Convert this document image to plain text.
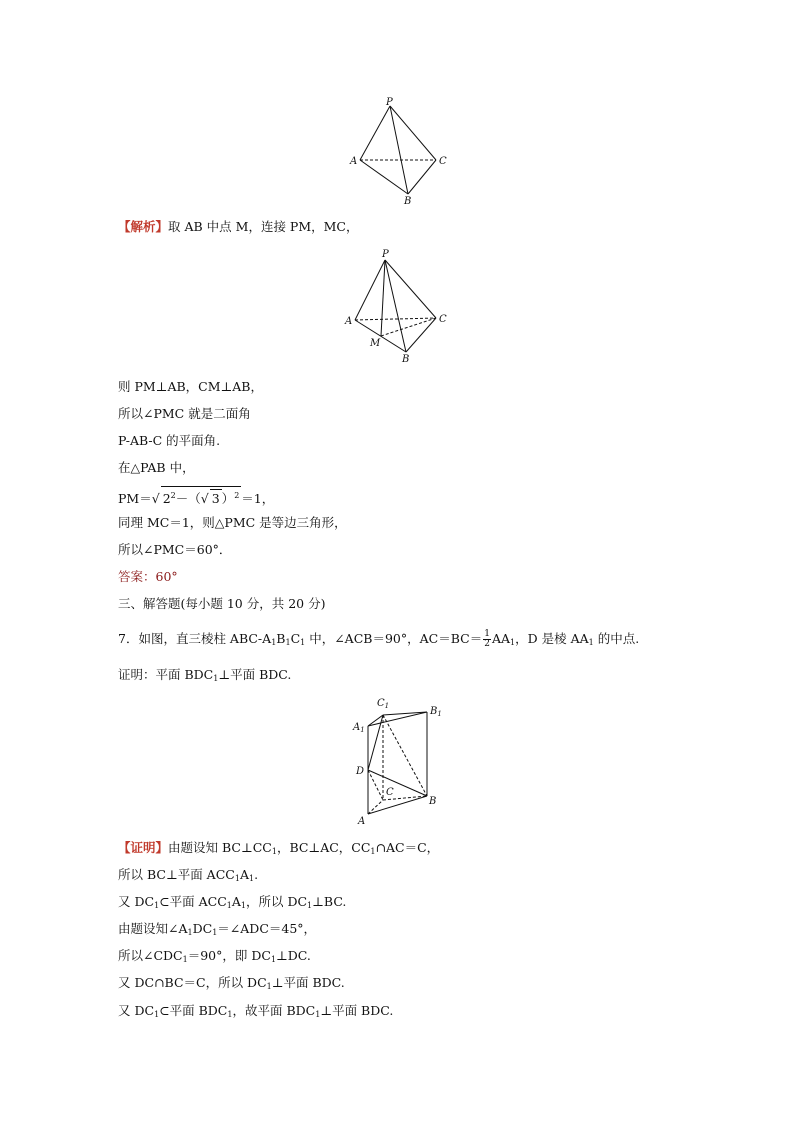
P
A	C
B
【解析】取 AB 中点 M，连接 PM，MC，
P
A	C
M
B
则 PM⊥AB，CM⊥AB，
所以∠PMC 就是二面角
P-AB-C 的平面角.
在△PAB 中，
PM＝√ $2^2-(√$ 3 ）$^2$ ＝1，
同理 MC＝1，则△PMC 是等边三角形，
所以∠PMC＝60°．
答案：60°
三、解答题(每小题 10 分，共 20 分)
7．如图，直三棱柱 ABC-$A_1B_1C_1$ 中，∠ACB＝90°，$AC=BC= \frac{1}{2} AA_1$，D 是棱 $AA_1$ 的中点.
证明：平面 $BDC_1\perp$平面 BDC.
$C_1$	$B_1$
$A_1$
D
C
B
A
【证明】由题设知 $BC\perp CC_1$，BC⊥AC，$CC_1\cap AC=C$，
所以 BC⊥平面 $ACC_1A_1$.
又 $DC_1\subset$平面 $ACC_1A_1$，所以 $DC_1\perp BC$.
由题设知$\angle A_1DC_1=\angle ADC=45^\circ$，
所以$\angle CDC_1=90^\circ$，即 $DC_1\perp DC$.
又 DC∩BC＝C，所以 $DC_1\perp$平面 BDC.
又 $DC_1\subset$平面 $BDC_1$，故平面 $BDC_1\perp$平面 BDC.
